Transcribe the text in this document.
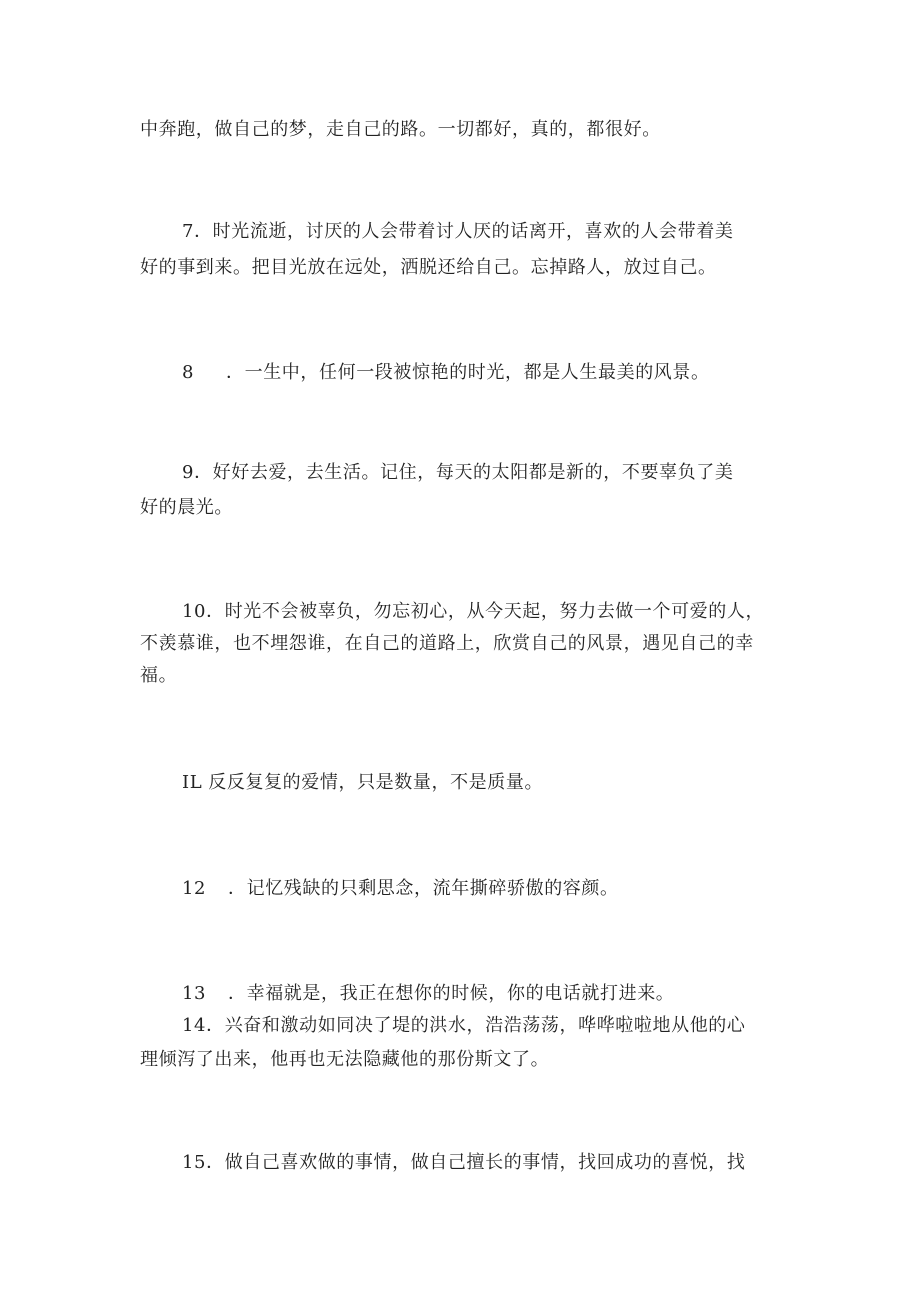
中奔跑，做自己的梦，走自己的路。一切都好，真的，都很好。
7．时光流逝，讨厌的人会带着讨人厌的话离开，喜欢的人会带着美
好的事到来。把目光放在远处，洒脱还给自己。忘掉路人，放过自己。
8 ．一生中，任何一段被惊艳的时光，都是人生最美的风景。
9．好好去爱，去生活。记住，每天的太阳都是新的，不要辜负了美
好的晨光。
10．时光不会被辜负，勿忘初心，从今天起，努力去做一个可爱的人，
不羡慕谁，也不埋怨谁，在自己的道路上，欣赏自己的风景，遇见自己的幸
福。
IL 反反复复的爱情，只是数量，不是质量。
12 ．记忆残缺的只剩思念，流年撕碎骄傲的容颜。
13 ．幸福就是，我正在想你的时候，你的电话就打进来。
14．兴奋和激动如同决了堤的洪水，浩浩荡荡，哗哗啦啦地从他的心
理倾泻了出来，他再也无法隐藏他的那份斯文了。
15．做自己喜欢做的事情，做自己擅长的事情，找回成功的喜悦，找
